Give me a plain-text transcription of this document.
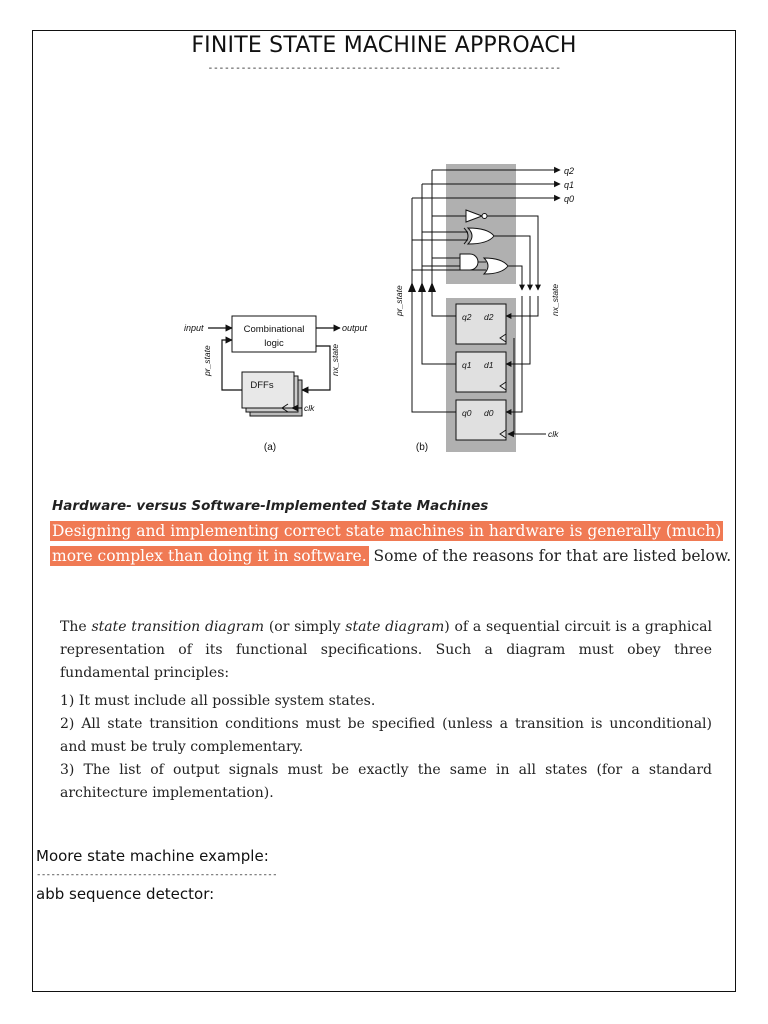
FINITE STATE MACHINE APPROACH
----------------------------------------------------------------
Combinational
logic
input	output
DFFs
clk
pr_state	nx_state
(a)
q2
q1
q0
q2 d2
q1 d1
q0 d0
clk
pr_state	nx_state
(b)
Hardware- versus Software-Implemented State Machines
Designing and implementing correct state machines in hardware is generally (much)
more complex than doing it in software. Some of the reasons for that are listed below.
The state transition diagram (or simply state diagram) of a sequential circuit is a graphical representation of its functional specifications. Such a diagram must obey three fundamental principles:
1) It must include all possible system states.
2) All state transition conditions must be specified (unless a transition is unconditional) and must be truly complementary.
3) The list of output signals must be exactly the same in all states (for a standard architecture implementation).
Moore state machine example:
--------------------------------------------------
abb sequence detector:
